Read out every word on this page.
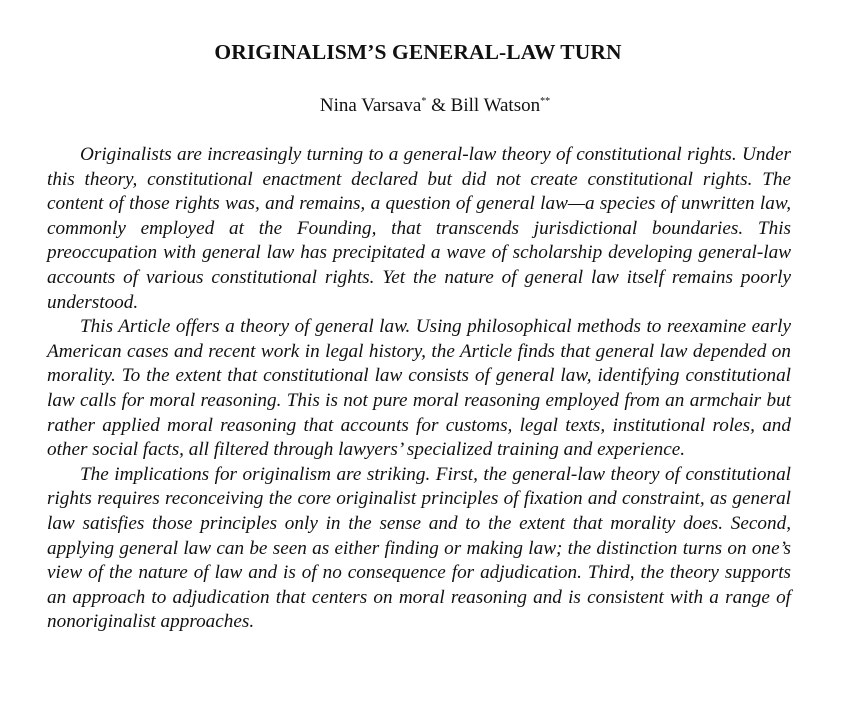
ORIGINALISM’S GENERAL-LAW TURN
Nina Varsava* & Bill Watson**

Originalists are increasingly turning to a general-law theory of constitutional rights. Under this theory, constitutional enactment declared but did not create constitutional rights. The content of those rights was, and remains, a question of general law—a species of unwritten law, commonly employed at the Founding, that transcends jurisdictional boundaries. This preoccupation with general law has precipitated a wave of scholarship developing general-law accounts of various constitutional rights. Yet the nature of general law itself remains poorly understood.

This Article offers a theory of general law. Using philosophical methods to reexamine early American cases and recent work in legal history, the Article finds that general law depended on morality. To the extent that constitutional law consists of general law, identifying constitutional law calls for moral reasoning. This is not pure moral reasoning employed from an armchair but rather applied moral reasoning that accounts for customs, legal texts, institutional roles, and other social facts, all filtered through lawyers’ specialized training and experience.

The implications for originalism are striking. First, the general-law theory of constitutional rights requires reconceiving the core originalist principles of fixation and constraint, as general law satisfies those principles only in the sense and to the extent that morality does. Second, applying general law can be seen as either finding or making law; the distinction turns on one’s view of the nature of law and is of no consequence for adjudication. Third, the theory supports an approach to adjudication that centers on moral reasoning and is consistent with a range of nonoriginalist approaches.
